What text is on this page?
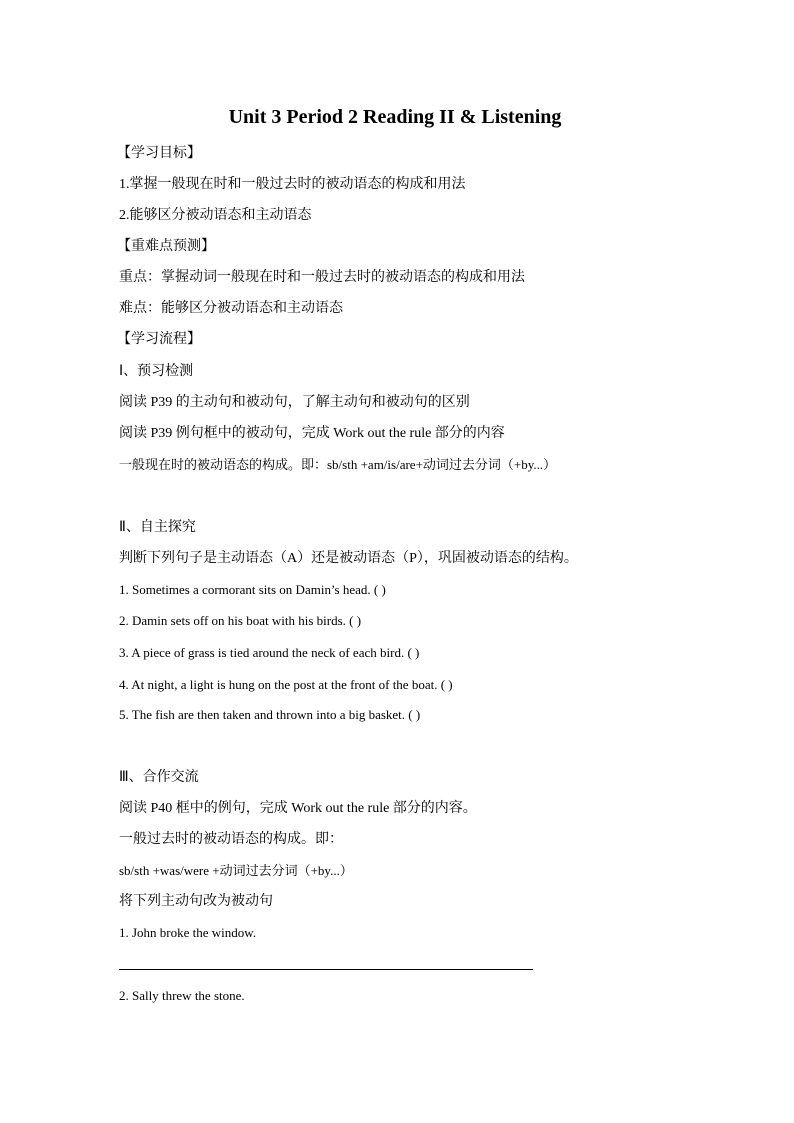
Unit 3 Period 2 Reading II & Listening
【学习目标】
1.掌握一般现在时和一般过去时的被动语态的构成和用法
2.能够区分被动语态和主动语态
【重难点预测】
重点：掌握动词一般现在时和一般过去时的被动语态的构成和用法
难点：能够区分被动语态和主动语态
【学习流程】
Ⅰ、预习检测
阅读 P39 的主动句和被动句，了解主动句和被动句的区别
阅读 P39 例句框中的被动句，完成 Work out the rule 部分的内容
一般现在时的被动语态的构成。即：sb/sth +am/is/are+动词过去分词（+by...）
Ⅱ、自主探究
判断下列句子是主动语态（A）还是被动语态（P），巩固被动语态的结构。
1. Sometimes a cormorant sits on Damin’s head. ( )
2. Damin sets off on his boat with his birds. ( )
3. A piece of grass is tied around the neck of each bird. ( )
4. At night, a light is hung on the post at the front of the boat. ( )
5. The fish are then taken and thrown into a big basket. ( )
Ⅲ、合作交流
阅读 P40 框中的例句，完成 Work out the rule 部分的内容。
一般过去时的被动语态的构成。即：
sb/sth +was/were +动词过去分词（+by...）
将下列主动句改为被动句
1. John broke the window.
2. Sally threw the stone.
